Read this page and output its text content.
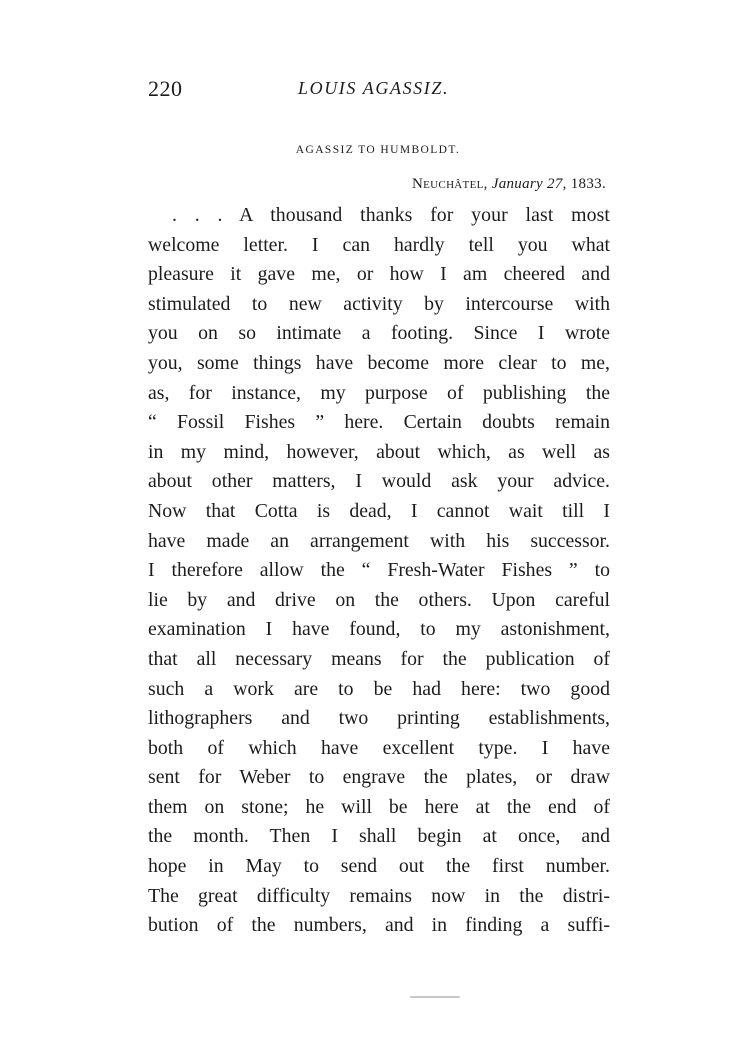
220	LOUIS AGASSIZ.
AGASSIZ TO HUMBOLDT.
Neuchâtel, January 27, 1833.
. . . A thousand thanks for your last most
welcome letter. I can hardly tell you what
pleasure it gave me, or how I am cheered and
stimulated to new activity by intercourse with
you on so intimate a footing. Since I wrote
you, some things have become more clear to me,
as, for instance, my purpose of publishing the
“ Fossil Fishes ” here. Certain doubts remain
in my mind, however, about which, as well as
about other matters, I would ask your advice.
Now that Cotta is dead, I cannot wait till I
have made an arrangement with his successor.
I therefore allow the “ Fresh-Water Fishes ” to
lie by and drive on the others. Upon careful
examination I have found, to my astonishment,
that all necessary means for the publication of
such a work are to be had here: two good
lithographers and two printing establishments,
both of which have excellent type. I have
sent for Weber to engrave the plates, or draw
them on stone; he will be here at the end of
the month. Then I shall begin at once, and
hope in May to send out the first number.
The great difficulty remains now in the distri-
bution of the numbers, and in finding a suffi-
